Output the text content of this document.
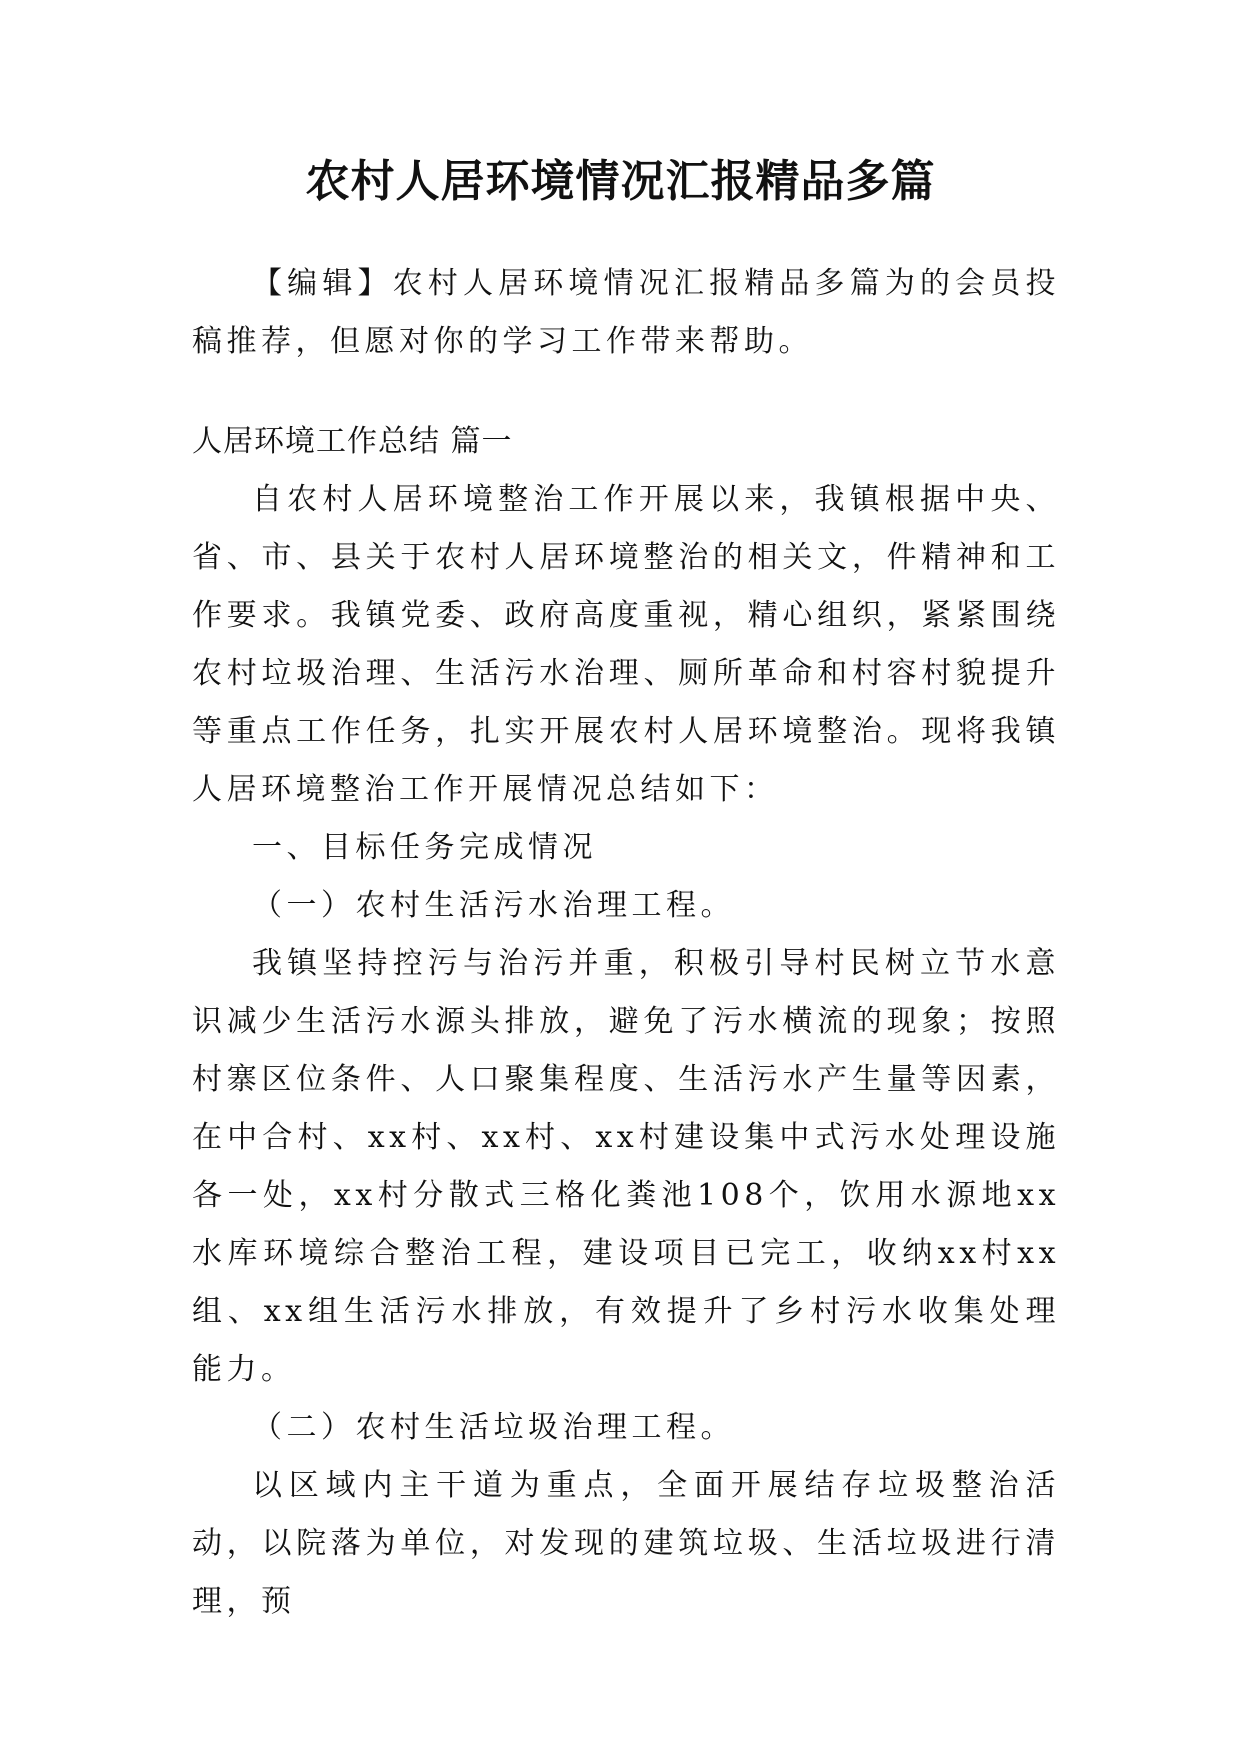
农村人居环境情况汇报精品多篇

【编辑】农村人居环境情况汇报精品多篇为的会员投稿推荐，但愿对你的学习工作带来帮助。

人居环境工作总结 篇一

自农村人居环境整治工作开展以来，我镇根据中央、省、市、县关于农村人居环境整治的相关文，件精神和工作要求。我镇党委、政府高度重视，精心组织，紧紧围绕农村垃圾治理、生活污水治理、厕所革命和村容村貌提升等重点工作任务，扎实开展农村人居环境整治。现将我镇人居环境整治工作开展情况总结如下：

一、目标任务完成情况

（一）农村生活污水治理工程。

我镇坚持控污与治污并重，积极引导村民树立节水意识减少生活污水源头排放，避免了污水横流的现象；按照村寨区位条件、人口聚集程度、生活污水产生量等因素，在中合村、xx村、xx村、xx村建设集中式污水处理设施各一处，xx村分散式三格化粪池108个，饮用水源地xx水库环境综合整治工程，建设项目已完工，收纳xx村xx组、xx组生活污水排放，有效提升了乡村污水收集处理能力。

（二）农村生活垃圾治理工程。

以区域内主干道为重点，全面开展结存垃圾整治活动，以院落为单位，对发现的建筑垃圾、生活垃圾进行清理，预
